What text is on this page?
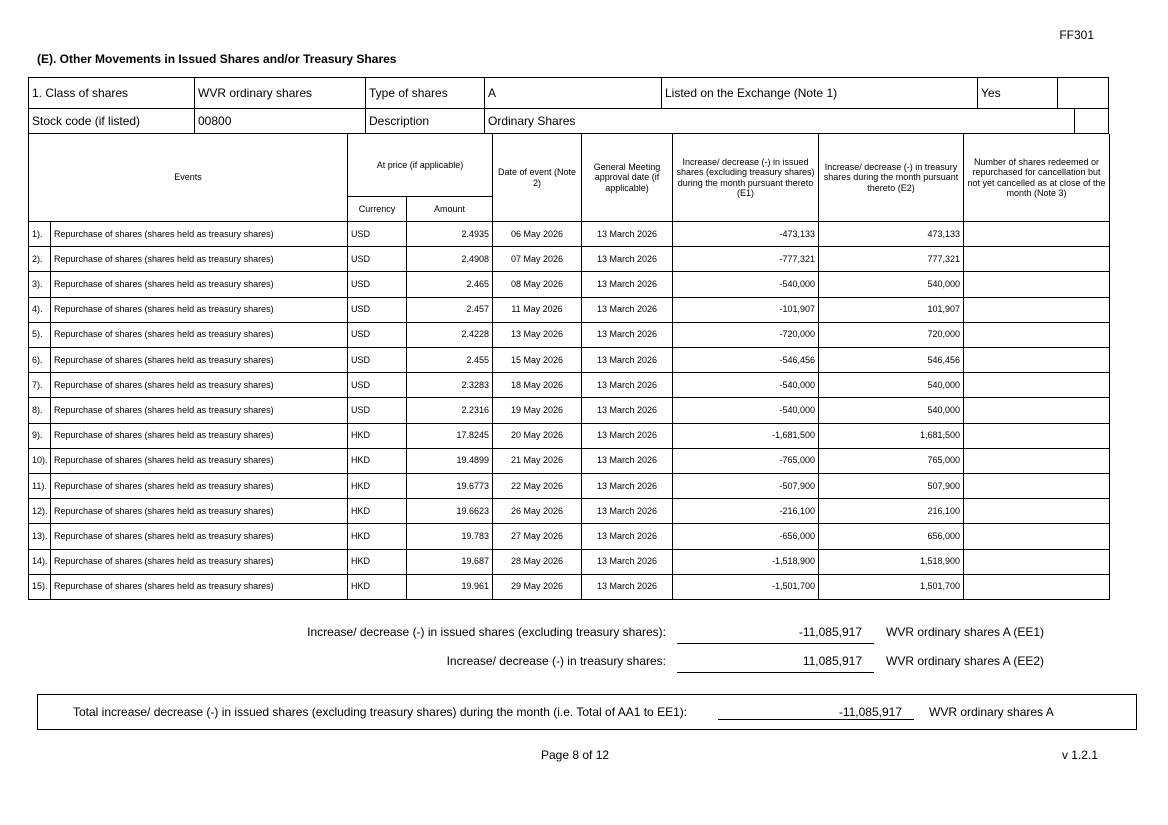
FF301
(E). Other Movements in Issued Shares and/or Treasury Shares
1. Class of shares	WVR ordinary shares	Type of shares	A	Listed on the Exchange (Note 1)	Yes
Stock code (if listed)	00800	Description	Ordinary Shares
Events
At price (if applicable)
Currency	Amount
Date of event (Note 2)
General Meeting approval date (if applicable)
Increase/ decrease (-) in issued shares (excluding treasury shares) during the month pursuant thereto (E1)
Increase/ decrease (-) in treasury shares during the month pursuant thereto (E2)
Number of shares redeemed or repurchased for cancellation but not yet cancelled as at close of the month (Note 3)
1).	Repurchase of shares (shares held as treasury shares)	USD	2.4935	06 May 2026	13 March 2026	-473,133	473,133
2).	Repurchase of shares (shares held as treasury shares)	USD	2.4908	07 May 2026	13 March 2026	-777,321	777,321
3).	Repurchase of shares (shares held as treasury shares)	USD	2.465	08 May 2026	13 March 2026	-540,000	540,000
4).	Repurchase of shares (shares held as treasury shares)	USD	2.457	11 May 2026	13 March 2026	-101,907	101,907
5).	Repurchase of shares (shares held as treasury shares)	USD	2.4228	13 May 2026	13 March 2026	-720,000	720,000
6).	Repurchase of shares (shares held as treasury shares)	USD	2.455	15 May 2026	13 March 2026	-546,456	546,456
7).	Repurchase of shares (shares held as treasury shares)	USD	2.3283	18 May 2026	13 March 2026	-540,000	540,000
8).	Repurchase of shares (shares held as treasury shares)	USD	2.2316	19 May 2026	13 March 2026	-540,000	540,000
9).	Repurchase of shares (shares held as treasury shares)	HKD	17.8245	20 May 2026	13 March 2026	-1,681,500	1,681,500
10). Repurchase of shares (shares held as treasury shares)	HKD	19.4899	21 May 2026	13 March 2026	-765,000	765,000
11). Repurchase of shares (shares held as treasury shares)	HKD	19.6773	22 May 2026	13 March 2026	-507,900	507,900
12). Repurchase of shares (shares held as treasury shares)	HKD	19.6623	26 May 2026	13 March 2026	-216,100	216,100
13). Repurchase of shares (shares held as treasury shares)	HKD	19.783	27 May 2026	13 March 2026	-656,000	656,000
14). Repurchase of shares (shares held as treasury shares)	HKD	19.687	28 May 2026	13 March 2026	-1,518,900	1,518,900
15). Repurchase of shares (shares held as treasury shares)	HKD	19.961	29 May 2026	13 March 2026	-1,501,700	1,501,700
Increase/ decrease (-) in issued shares (excluding treasury shares):	-11,085,917 WVR ordinary shares A (EE1)
Increase/ decrease (-) in treasury shares:	11,085,917 WVR ordinary shares A (EE2)
Total increase/ decrease (-) in issued shares (excluding treasury shares) during the month (i.e. Total of AA1 to EE1):	-11,085,917 WVR ordinary shares A
Page 8 of 12	v 1.2.1
